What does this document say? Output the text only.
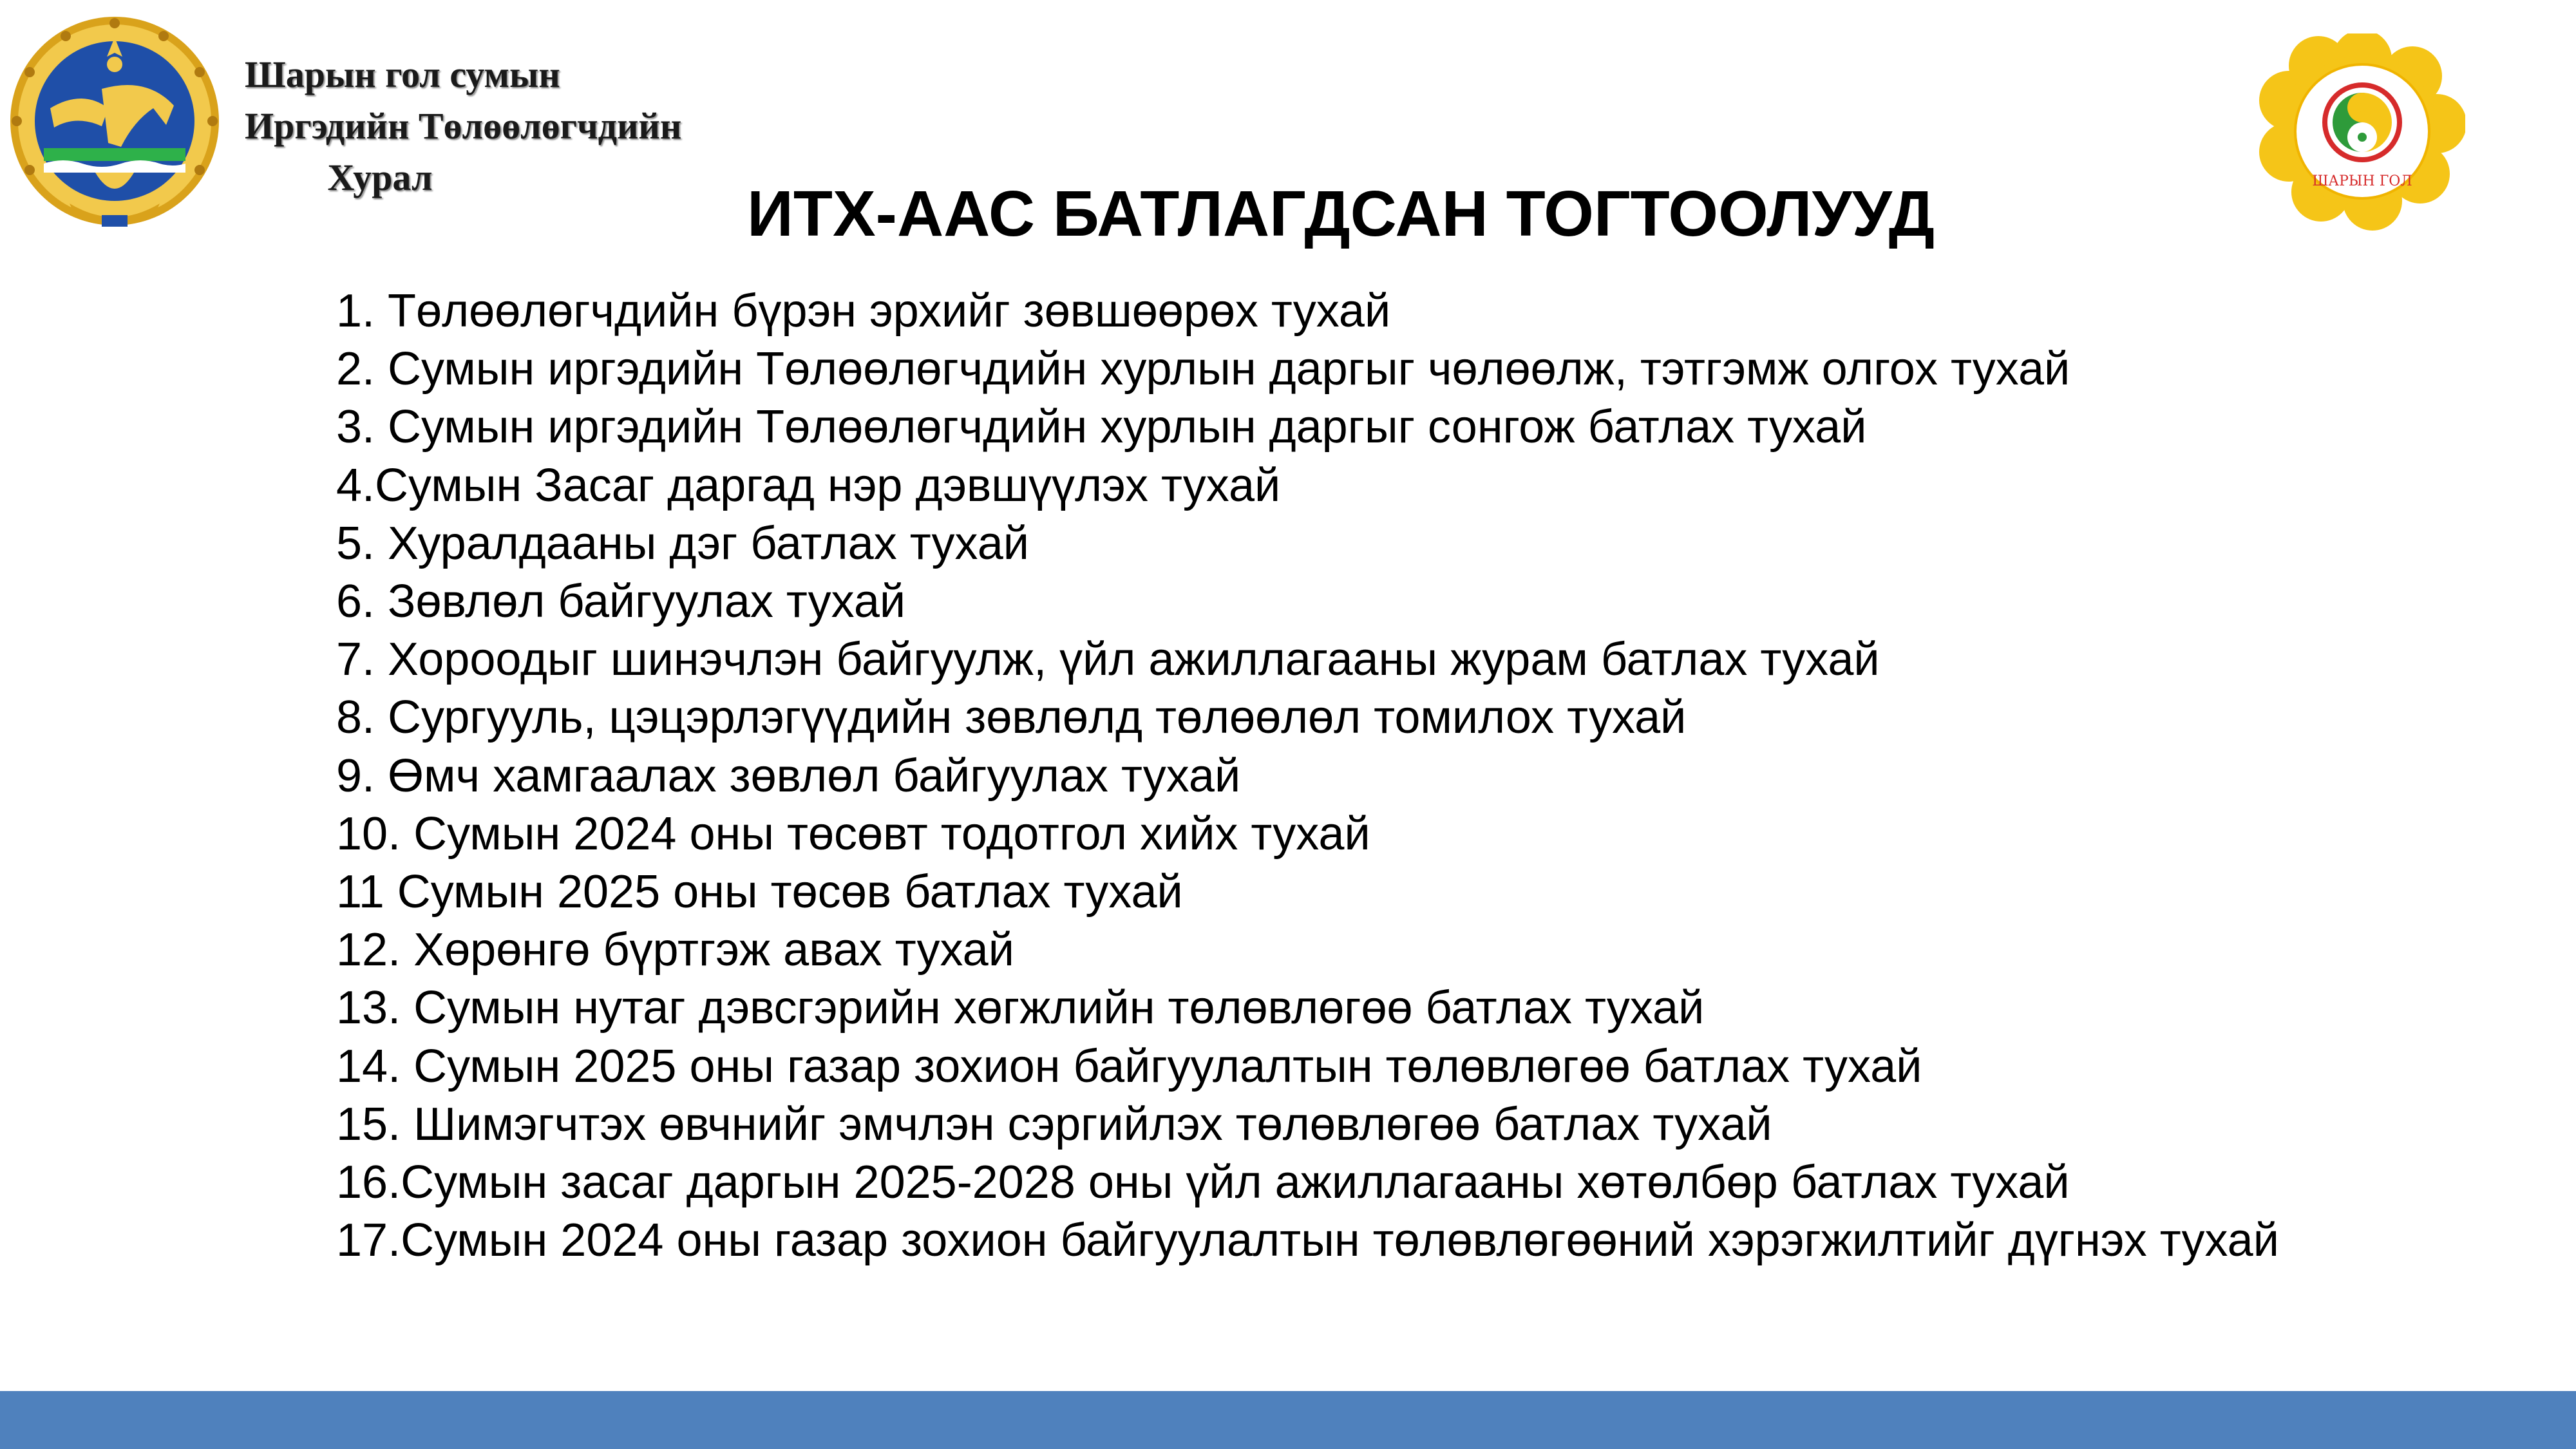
Шарын гол сумын
Иргэдийн Төлөөлөгчдийн
Хурал	ШАРЫН ГОЛ
ИТХ-ААС БАТЛАГДСАН ТОГТООЛУУД
1. Төлөөлөгчдийн бүрэн эрхийг зөвшөөрөх тухай
2. Сумын иргэдийн Төлөөлөгчдийн хурлын даргыг чөлөөлж, тэтгэмж олгох тухай
3. Сумын иргэдийн Төлөөлөгчдийн хурлын даргыг сонгож батлах тухай
4.Сумын Засаг даргад нэр дэвшүүлэх тухай
5. Хуралдааны дэг батлах тухай
6. Зөвлөл байгуулах тухай
7. Хороодыг шинэчлэн байгуулж, үйл ажиллагааны журам батлах тухай
8. Сургууль, цэцэрлэгүүдийн зөвлөлд төлөөлөл томилох тухай
9. Өмч хамгаалах зөвлөл байгуулах тухай
10. Сумын 2024 оны төсөвт тодотгол хийх тухай
11 Сумын 2025 оны төсөв батлах тухай
12. Хөрөнгө бүртгэж авах тухай
13. Сумын нутаг дэвсгэрийн хөгжлийн төлөвлөгөө батлах тухай
14. Сумын 2025 оны газар зохион байгуулалтын төлөвлөгөө батлах тухай
15. Шимэгчтэх өвчнийг эмчлэн сэргийлэх төлөвлөгөө батлах тухай
16.Сумын засаг даргын 2025-2028 оны үйл ажиллагааны хөтөлбөр батлах тухай
17.Сумын 2024 оны газар зохион байгуулалтын төлөвлөгөөний хэрэгжилтийг дүгнэх тухай
